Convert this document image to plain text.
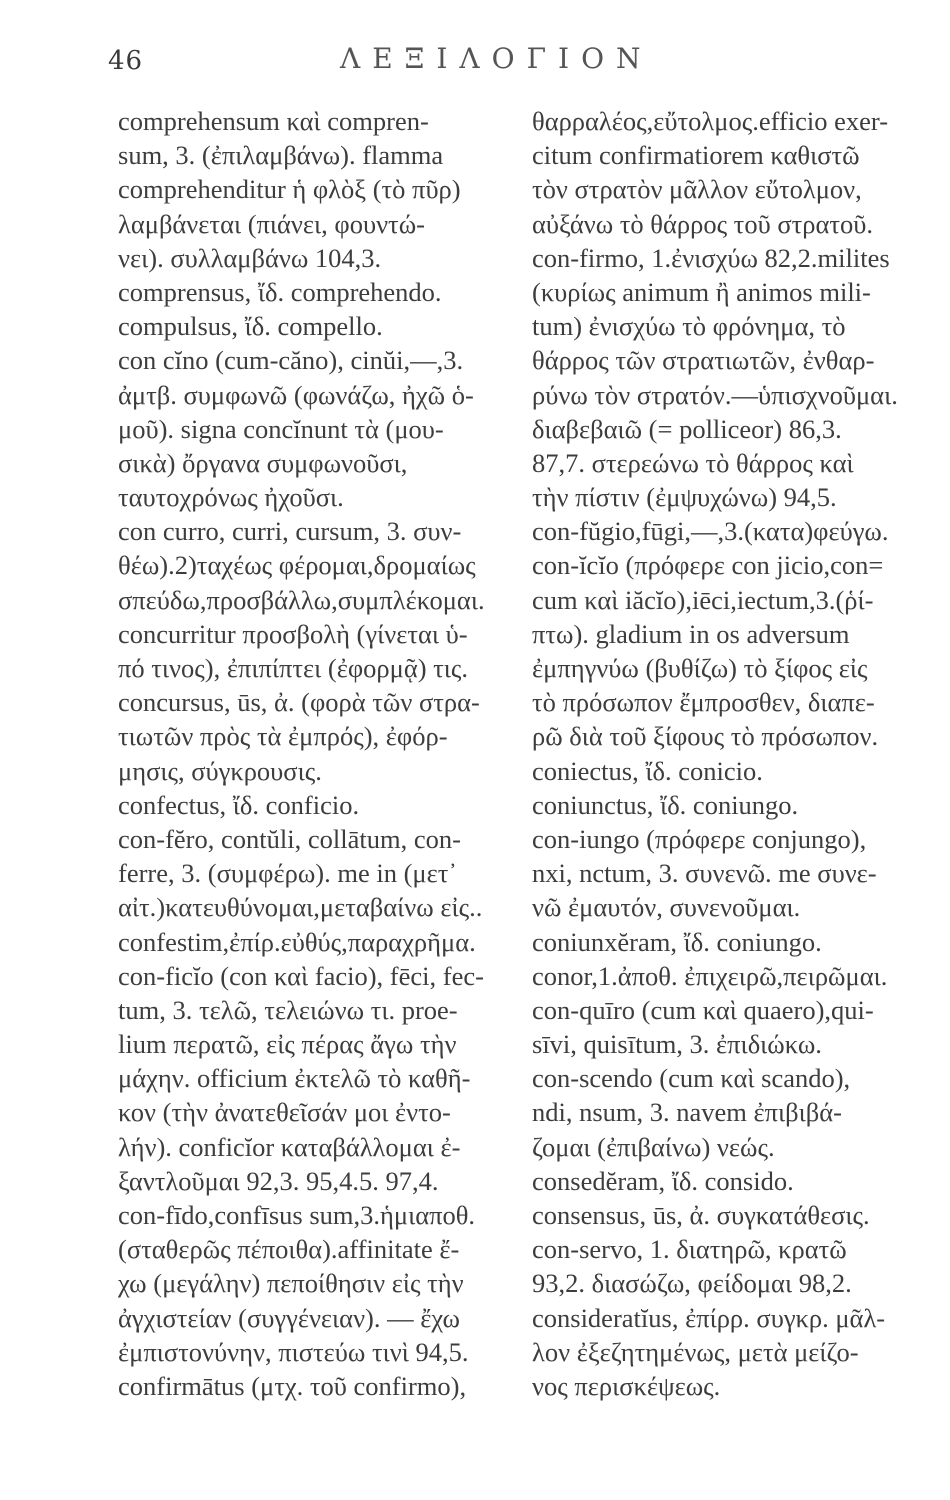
46	ΛΕΞΙΛΟΓΙΟΝ
comprehensum καὶ compren-
sum, 3. (ἐπιλαμβάνω). flamma
comprehenditur ἡ φλὸξ (τὸ πῦρ)
λαμβάνεται (πιάνει, φουντώ-
νει). συλλαμβάνω 104,3.
comprensus, ἴδ. comprehendo.
compulsus, ἴδ. compello.
con cĭno (cum-căno), cinŭi,—,3.
ἀμτβ. συμφωνῶ (φωνάζω, ἠχῶ ὁ-
μοῦ). signa concĭnunt τὰ (μου-
σικὰ) ὄργανα συμφωνοῦσι,
ταυτοχρόνως ἠχοῦσι.
con curro, curri, cursum, 3. συν-
θέω).2)ταχέως φέρομαι,δρομαίως
σπεύδω,προσβάλλω,συμπλέκομαι.
concurritur προσβολὴ (γίνεται ὑ-
πό τινος), ἐπιπίπτει (ἐφορμᾷ) τις.
concursus, ūs, ἀ. (φορὰ τῶν στρα-
τιωτῶν πρὸς τὰ ἐμπρός), ἐφόρ-
μησις, σύγκρουσις.
confectus, ἴδ. conficio.
con-fĕro, contŭli, collātum, con-
ferre, 3. (συμφέρω). me in (μετ᾽
αἰτ.)κατευθύνομαι,μεταβαίνω εἰς..
confestim,ἐπίρ.εὐθύς,παραχρῆμα.
con-ficĭo (con καὶ facio), fēci, fec-
tum, 3. τελῶ, τελειώνω τι. proe-
lium περατῶ, εἰς πέρας ἄγω τὴν
μάχην. officium ἐκτελῶ τὸ καθῆ-
κον (τὴν ἀνατεθεῖσάν μοι ἐντο-
λήν). conficĭor καταβάλλομαι ἐ-
ξαντλοῦμαι 92,3. 95,4.5. 97,4.
con-fīdo,confīsus sum,3.ἡμιαποθ.
(σταθερῶς πέποιθα).affinitate ἔ-
χω (μεγάλην) πεποίθησιν εἰς τὴν
ἀγχιστείαν (συγγένειαν). — ἔχω
ἐμπιστονύνην, πιστεύω τινὶ 94,5.
confirmātus (μτχ. τοῦ confirmo),
θαρραλέος,εὔτολμος.efficio exer-
citum confirmatiorem καθιστῶ
τὸν στρατὸν μᾶλλον εὔτολμον,
αὐξάνω τὸ θάρρος τοῦ στρατοῦ.
con-firmo, 1.ἐνισχύω 82,2.milites
(κυρίως animum ἢ animos mili-
tum) ἐνισχύω τὸ φρόνημα, τὸ
θάρρος τῶν στρατιωτῶν, ἐνθαρ-
ρύνω τὸν στρατόν.—ὑπισχνοῦμαι.
διαβεβαιῶ (= polliceor) 86,3.
87,7. στερεώνω τὸ θάρρος καὶ
τὴν πίστιν (ἐμψυχώνω) 94,5.
con-fŭgio,fūgi,—,3.(κατα)φεύγω.
con-ĭcĭo (πρόφερε con jicio,con=
cum καὶ iăcĭo),iēci,iectum,3.(ῥί-
πτω). gladium in os adversum
ἐμπηγνύω (βυθίζω) τὸ ξίφος εἰς
τὸ πρόσωπον ἔμπροσθεν, διαπε-
ρῶ διὰ τοῦ ξίφους τὸ πρόσωπον.
coniectus, ἴδ. conicio.
coniunctus, ἴδ. coniungo.
con-iungo (πρόφερε conjungo),
nxi, nctum, 3. συνενῶ. me συνε-
νῶ ἐμαυτόν, συνενοῦμαι.
coniunxĕram, ἴδ. coniungo.
conor,1.ἀποθ. ἐπιχειρῶ,πειρῶμαι.
con-quīro (cum καὶ quaero),qui-
sīvi, quisītum, 3. ἐπιδιώκω.
con-scendo (cum καὶ scando),
ndi, nsum, 3. navem ἐπιβιβά-
ζομαι (ἐπιβαίνω) νεώς.
consedĕram, ἴδ. consido.
consensus, ūs, ἀ. συγκατάθεσις.
con-servo, 1. διατηρῶ, κρατῶ
93,2. διασώζω, φείδομαι 98,2.
consideratĭus, ἐπίρρ. συγκρ. μᾶλ-
λον ἐξεζητημένως, μετὰ μείζο-
νος περισκέψεως.
